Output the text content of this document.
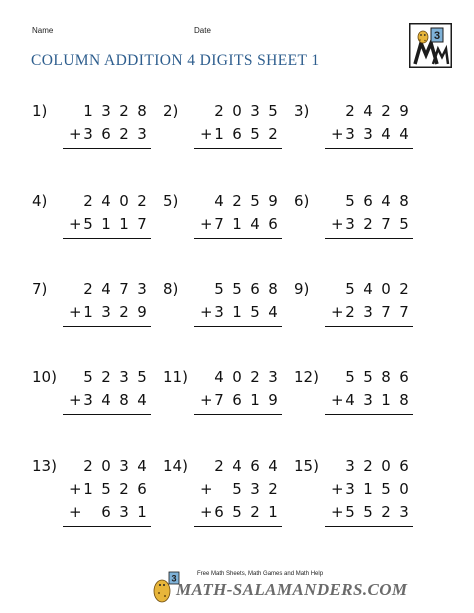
Name	Date
COLUMN ADDITION 4 DIGITS SHEET 1
3
1) 1 3 2 8
+ 3 6 2 3
2) 2 0 3 5
+ 1 6 5 2
3) 2 4 2 9
+ 3 3 4 4
4) 2 4 0 2
+ 5 1 1 7
5) 4 2 5 9
+ 7 1 4 6
6) 5 6 4 8
+ 3 2 7 5
7) 2 4 7 3
+ 1 3 2 9
8) 5 5 6 8
+ 3 1 5 4
9) 5 4 0 2
+ 2 3 7 7
10) 5 2 3 5
+ 3 4 8 4
11) 4 0 2 3
+ 7 6 1 9
12) 5 5 8 6
+ 4 3 1 8
13) 2 0 3 4
+ 1 5 2 6
+ 6 3 1
14) 2 4 6 4
+ 5 3 2
+ 6 5 2 1
15) 3 2 0 6
+ 3 1 5 0
+ 5 5 2 3
3	Free Math Sheets, Math Games and Math Help
MATH-SALAMANDERS.COM
